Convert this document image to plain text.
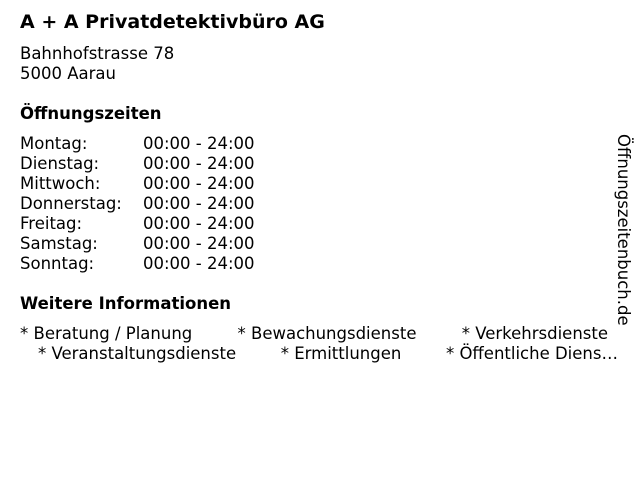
A + A Privatdetektivbüro AG
Bahnhofstrasse 78
5000 Aarau
Öffnungszeiten
Montag:	00:00 - 24:00
Dienstag:	00:00 - 24:00
Mittwoch:	00:00 - 24:00
Donnerstag:	00:00 - 24:00
Freitag:	00:00 - 24:00
Samstag:	00:00 - 24:00
Sonntag:	00:00 - 24:00
Weitere Informationen
* Beratung / Planung	* Bewachungsdienste	* Verkehrsdienste
* Veranstaltungsdienste	* Ermittlungen	* Öffentliche Diens…
Öffnungszeitenbuch.de
